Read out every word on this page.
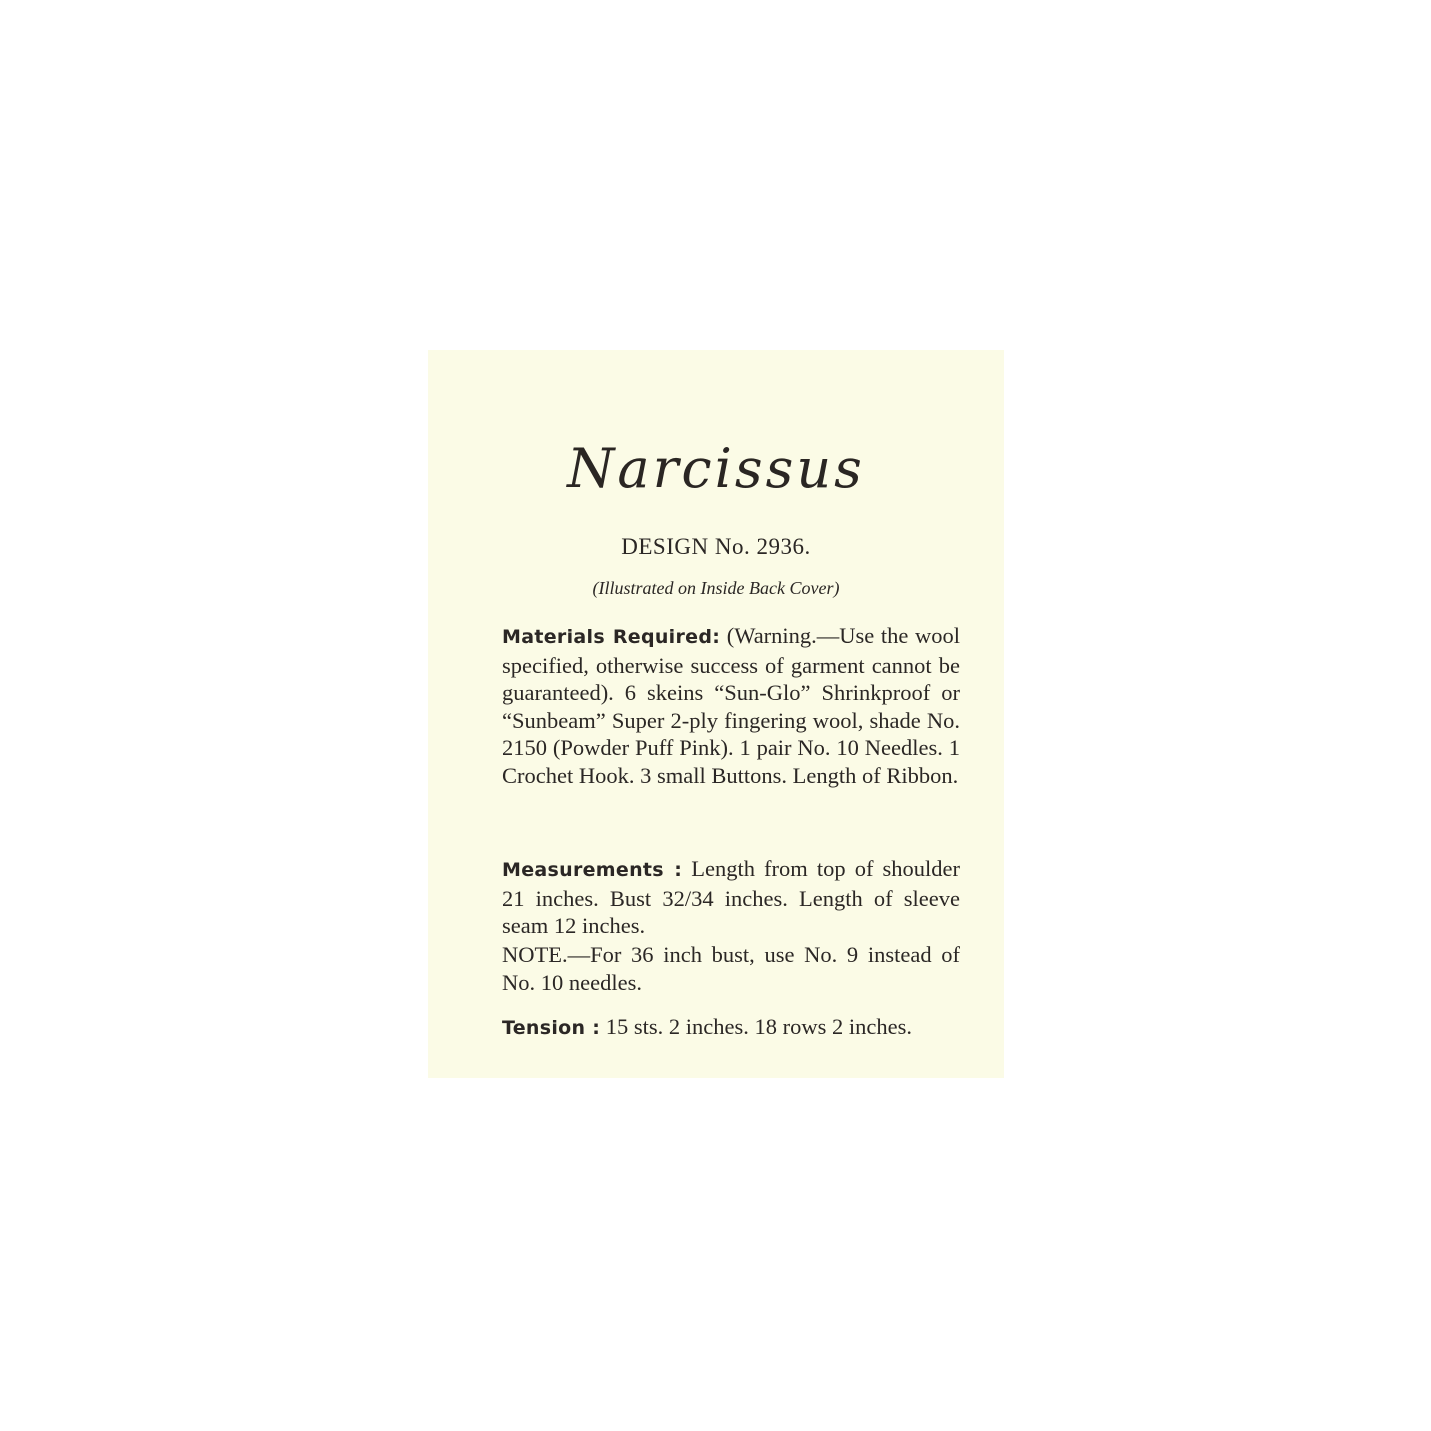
Narcissus
DESIGN No. 2936.
(Illustrated on Inside Back Cover)
Materials Required: (Warning.—Use the wool specified, otherwise success of garment cannot be guaranteed). 6 skeins “Sun-Glo” Shrinkproof or “Sunbeam” Super 2-ply fingering wool, shade No. 2150 (Powder Puff Pink). 1 pair No. 10 Needles. 1 Crochet Hook. 3 small Buttons. Length of Ribbon.
Measurements : Length from top of shoulder 21 inches. Bust 32/34 inches. Length of sleeve seam 12 inches.
NOTE.—For 36 inch bust, use No. 9 instead of No. 10 needles.
Tension : 15 sts. 2 inches. 18 rows 2 inches.
